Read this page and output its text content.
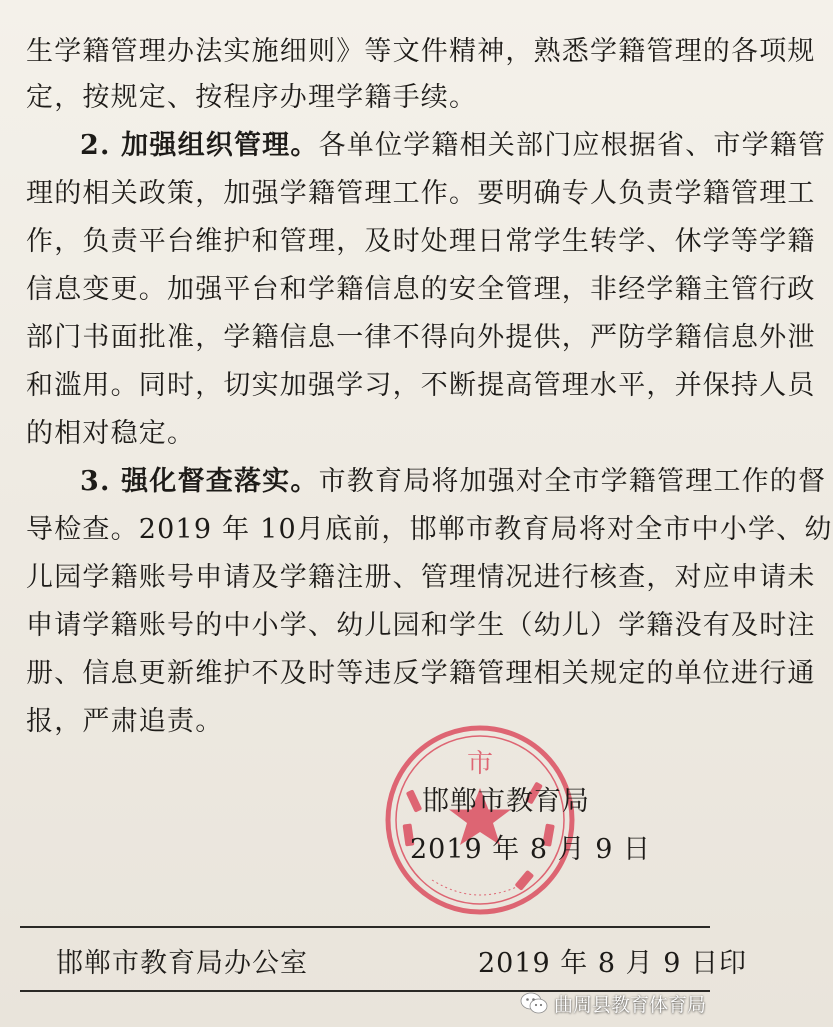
生学籍管理办法实施细则》等文件精神，熟悉学籍管理的各项规
定，按规定、按程序办理学籍手续。
2. 加强组织管理。各单位学籍相关部门应根据省、市学籍管
理的相关政策，加强学籍管理工作。要明确专人负责学籍管理工
作，负责平台维护和管理，及时处理日常学生转学、休学等学籍
信息变更。加强平台和学籍信息的安全管理，非经学籍主管行政
部门书面批准，学籍信息一律不得向外提供，严防学籍信息外泄
和滥用。同时，切实加强学习，不断提高管理水平，并保持人员
的相对稳定。
3. 强化督查落实。市教育局将加强对全市学籍管理工作的督
导检查。2019 年 10月底前，邯郸市教育局将对全市中小学、幼
儿园学籍账号申请及学籍注册、管理情况进行核查，对应申请未
申请学籍账号的中小学、幼儿园和学生（幼儿）学籍没有及时注
册、信息更新维护不及时等违反学籍管理相关规定的单位进行通
报，严肃追责。
市
邯郸市教育局
2019 年 8 月 9 日
邯郸市教育局办公室	2019 年 8 月 9 日印
曲周县教育体育局
